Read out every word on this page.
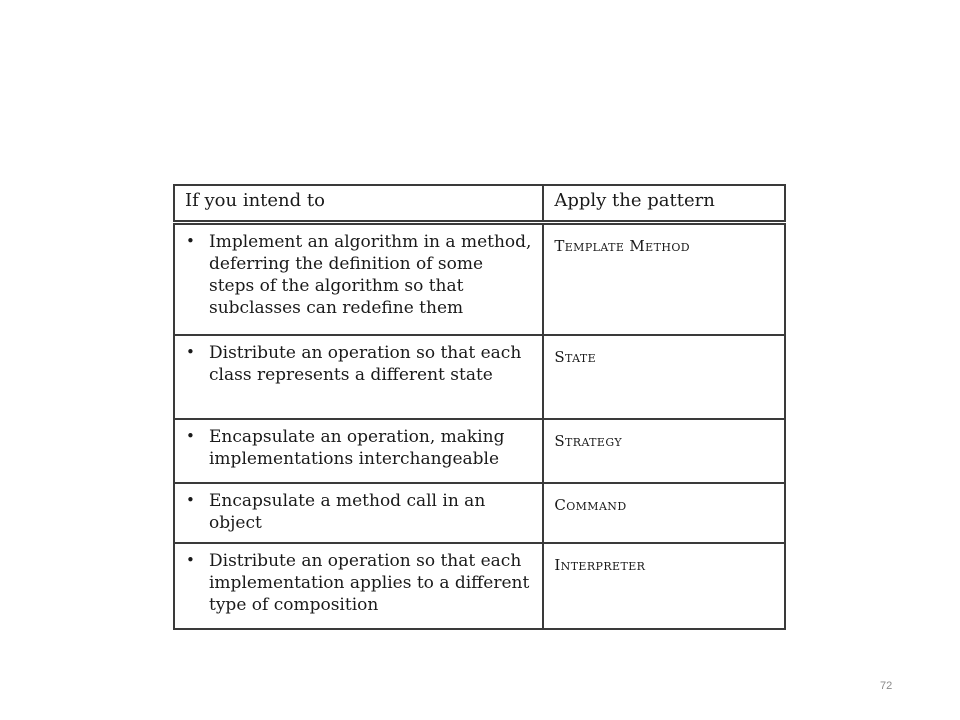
If you intend to	Apply the pattern

• Implement an algorithm in a method, deferring the definition of some steps of the algorithm so that subclasses can redefine them	Template Method

• Distribute an operation so that each class represents a different state	State

• Encapsulate an operation, making implementations interchangeable	Strategy

• Encapsulate a method call in an object	Command

• Distribute an operation so that each implementation applies to a different type of composition	Interpreter
72
